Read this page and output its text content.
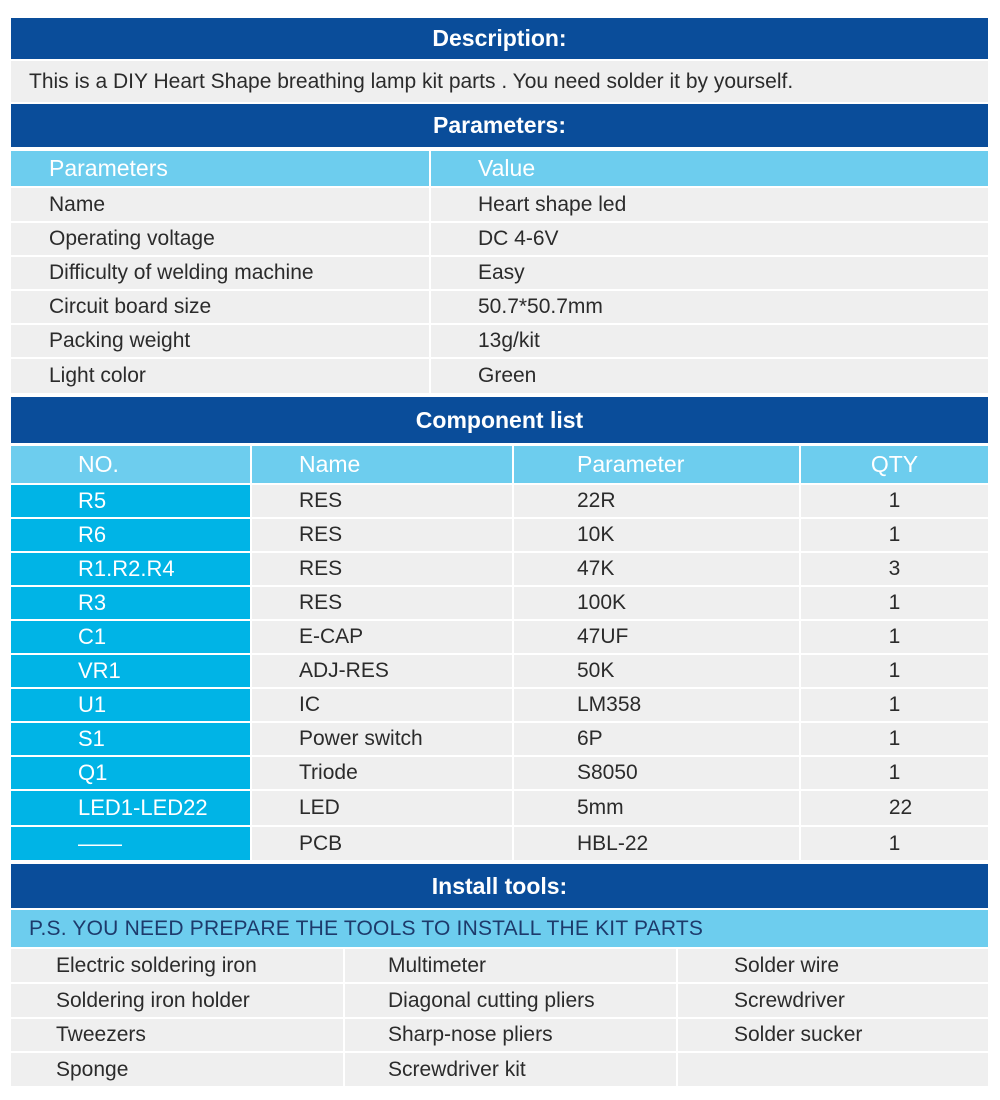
Description:
This is a DIY Heart Shape breathing lamp kit parts . You need solder it by yourself.
Parameters:
Parameters	Value
Name	Heart shape led
Operating voltage	DC 4-6V
Difficulty of welding machine	Easy
Circuit board size	50.7*50.7mm
Packing weight	13g/kit
Light color	Green
Component list
NO.	Name	Parameter	QTY
R5	RES	22R	1
R6	RES	10K	1
R1.R2.R4	RES	47K	3
R3	RES	100K	1
C1	E-CAP	47UF	1
VR1	ADJ-RES	50K	1
U1	IC	LM358	1
S1	Power switch	6P	1
Q1	Triode	S8050	1
LED1-LED22	LED	5mm	22
——	PCB	HBL-22	1
Install tools:
P.S. YOU NEED PREPARE THE TOOLS TO INSTALL THE KIT PARTS
Electric soldering iron	Multimeter	Solder wire
Soldering iron holder	Diagonal cutting pliers	Screwdriver
Tweezers	Sharp-nose pliers	Solder sucker
Sponge	Screwdriver kit
